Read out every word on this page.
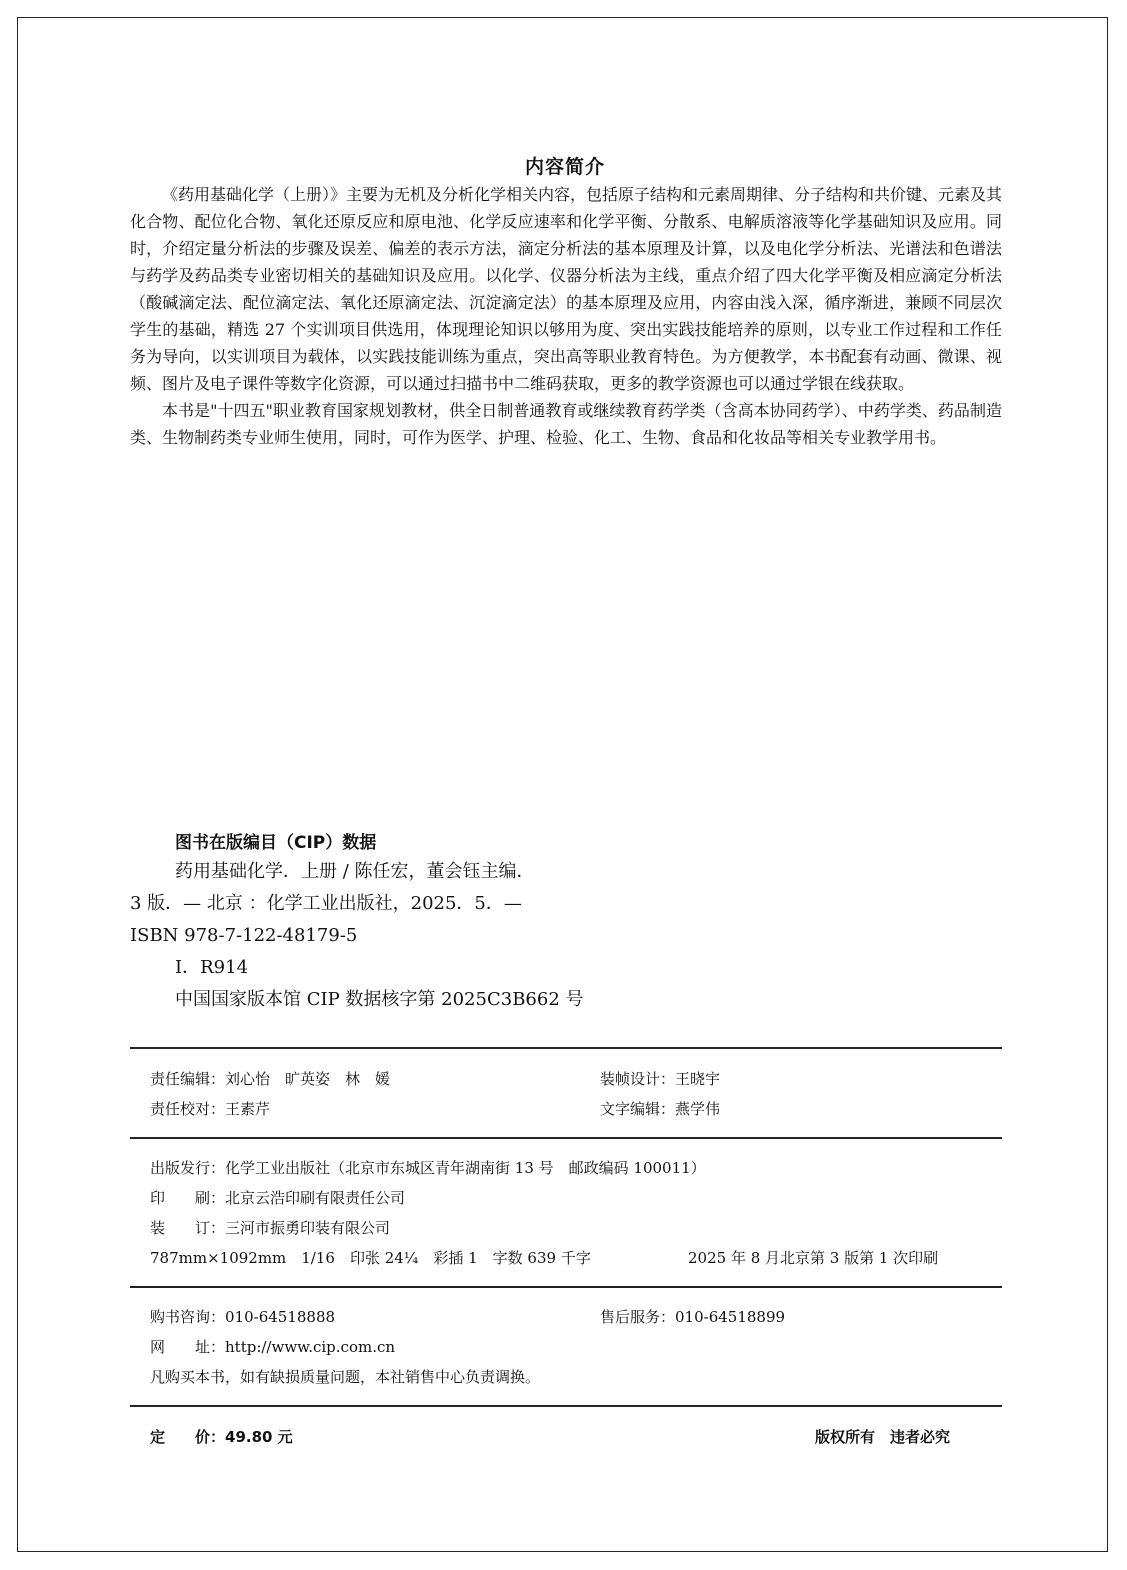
内容简介

《药用基础化学（上册）》主要为无机及分析化学相关内容，包括原子结构和元素周期律、分子结构和共价键、元素及其化合物、配位化合物、氧化还原反应和原电池、化学反应速率和化学平衡、分散系、电解质溶液等化学基础知识及应用。同时，介绍定量分析法的步骤及误差、偏差的表示方法，滴定分析法的基本原理及计算，以及电化学分析法、光谱法和色谱法与药学及药品类专业密切相关的基础知识及应用。以化学、仪器分析法为主线，重点介绍了四大化学平衡及相应滴定分析法（酸碱滴定法、配位滴定法、氧化还原滴定法、沉淀滴定法）的基本原理及应用，内容由浅入深，循序渐进，兼顾不同层次学生的基础，精选 27 个实训项目供选用，体现理论知识以够用为度、突出实践技能培养的原则，以专业工作过程和工作任务为导向，以实训项目为载体，以实践技能训练为重点，突出高等职业教育特色。为方便教学，本书配套有动画、微课、视频、图片及电子课件等数字化资源，可以通过扫描书中二维码获取，更多的教学资源也可以通过学银在线获取。

本书是"十四五"职业教育国家规划教材，供全日制普通教育或继续教育药学类（含高本协同药学）、中药学类、药品制造类、生物制药类专业师生使用，同时，可作为医学、护理、检验、化工、生物、食品和化妆品等相关专业教学用书。

图书在版编目（CIP）数据
药用基础化学．上册 / 陈任宏，董会钰主编．
3 版．— 北京 ：化学工业出版社，2025．5．—
ISBN 978-7-122-48179-5
Ⅰ．R914
中国国家版本馆 CIP 数据核字第 2025C3B662 号
责任编辑：刘心怡　旷英姿　林　媛	装帧设计：王晓宇
责任校对：王素芹	文字编辑：燕学伟
出版发行：化学工业出版社（北京市东城区青年湖南街 13 号　邮政编码 100011）
印　　刷：北京云浩印刷有限责任公司
装　　订：三河市振勇印装有限公司
787mm×1092mm　1/16　印张 24¼　彩插 1　字数 639 千字	2025 年 8 月北京第 3 版第 1 次印刷
购书咨询：010-64518888	售后服务：010-64518899
网　　址：http://www.cip.com.cn
凡购买本书，如有缺损质量问题，本社销售中心负责调换。
定　　价：49.80 元	版权所有　违者必究
